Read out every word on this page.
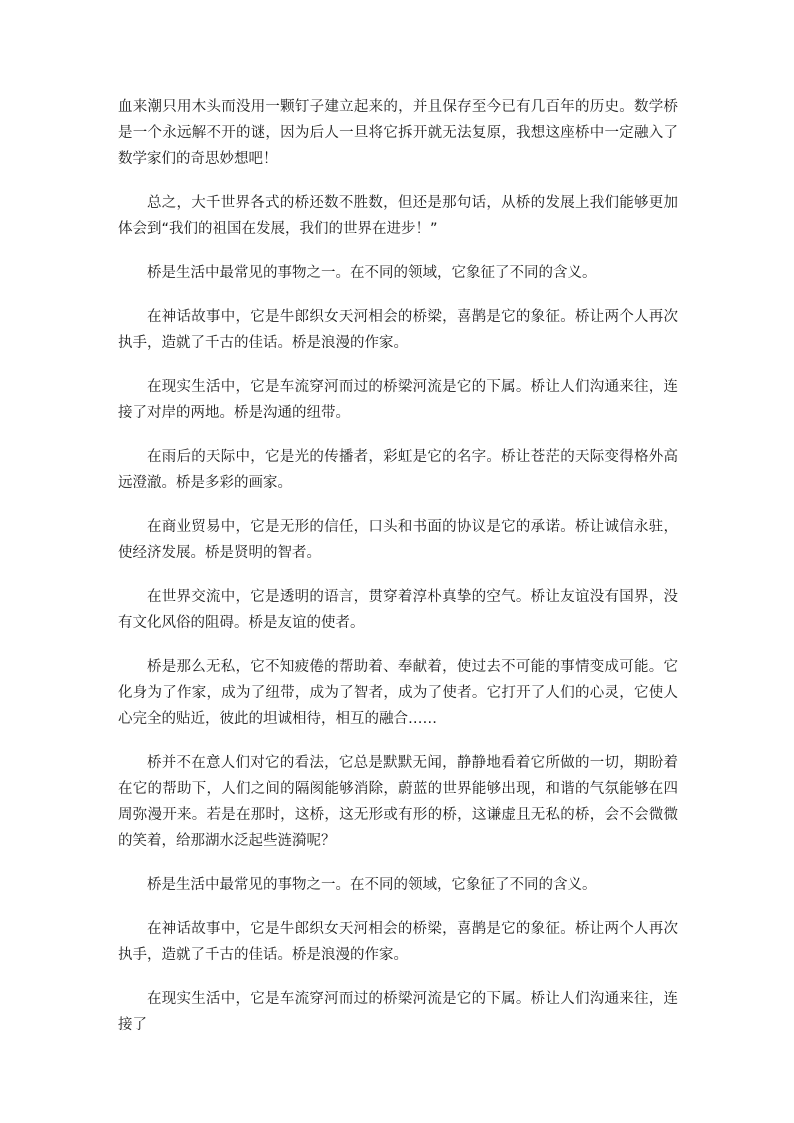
血来潮只用木头而没用一颗钉子建立起来的，并且保存至今已有几百年的历史。数学桥是一个永远解不开的谜，因为后人一旦将它拆开就无法复原，我想这座桥中一定融入了数学家们的奇思妙想吧！

总之，大千世界各式的桥还数不胜数，但还是那句话，从桥的发展上我们能够更加体会到“我们的祖国在发展，我们的世界在进步！”

桥是生活中最常见的事物之一。在不同的领域，它象征了不同的含义。

在神话故事中，它是牛郎织女天河相会的桥梁，喜鹊是它的象征。桥让两个人再次执手，造就了千古的佳话。桥是浪漫的作家。

在现实生活中，它是车流穿河而过的桥梁河流是它的下属。桥让人们沟通来往，连接了对岸的两地。桥是沟通的纽带。

在雨后的天际中，它是光的传播者，彩虹是它的名字。桥让苍茫的天际变得格外高远澄澈。桥是多彩的画家。

在商业贸易中，它是无形的信任，口头和书面的协议是它的承诺。桥让诚信永驻，使经济发展。桥是贤明的智者。

在世界交流中，它是透明的语言，贯穿着淳朴真挚的空气。桥让友谊没有国界，没有文化风俗的阻碍。桥是友谊的使者。

桥是那么无私，它不知疲倦的帮助着、奉献着，使过去不可能的事情变成可能。它化身为了作家，成为了纽带，成为了智者，成为了使者。它打开了人们的心灵，它使人心完全的贴近，彼此的坦诚相待，相互的融合……

桥并不在意人们对它的看法，它总是默默无闻，静静地看着它所做的一切，期盼着在它的帮助下，人们之间的隔阂能够消除，蔚蓝的世界能够出现，和谐的气氛能够在四周弥漫开来。若是在那时，这桥，这无形或有形的桥，这谦虚且无私的桥，会不会微微的笑着，给那湖水泛起些涟漪呢？

桥是生活中最常见的事物之一。在不同的领域，它象征了不同的含义。

在神话故事中，它是牛郎织女天河相会的桥梁，喜鹊是它的象征。桥让两个人再次执手，造就了千古的佳话。桥是浪漫的作家。

在现实生活中，它是车流穿河而过的桥梁河流是它的下属。桥让人们沟通来往，连接了
